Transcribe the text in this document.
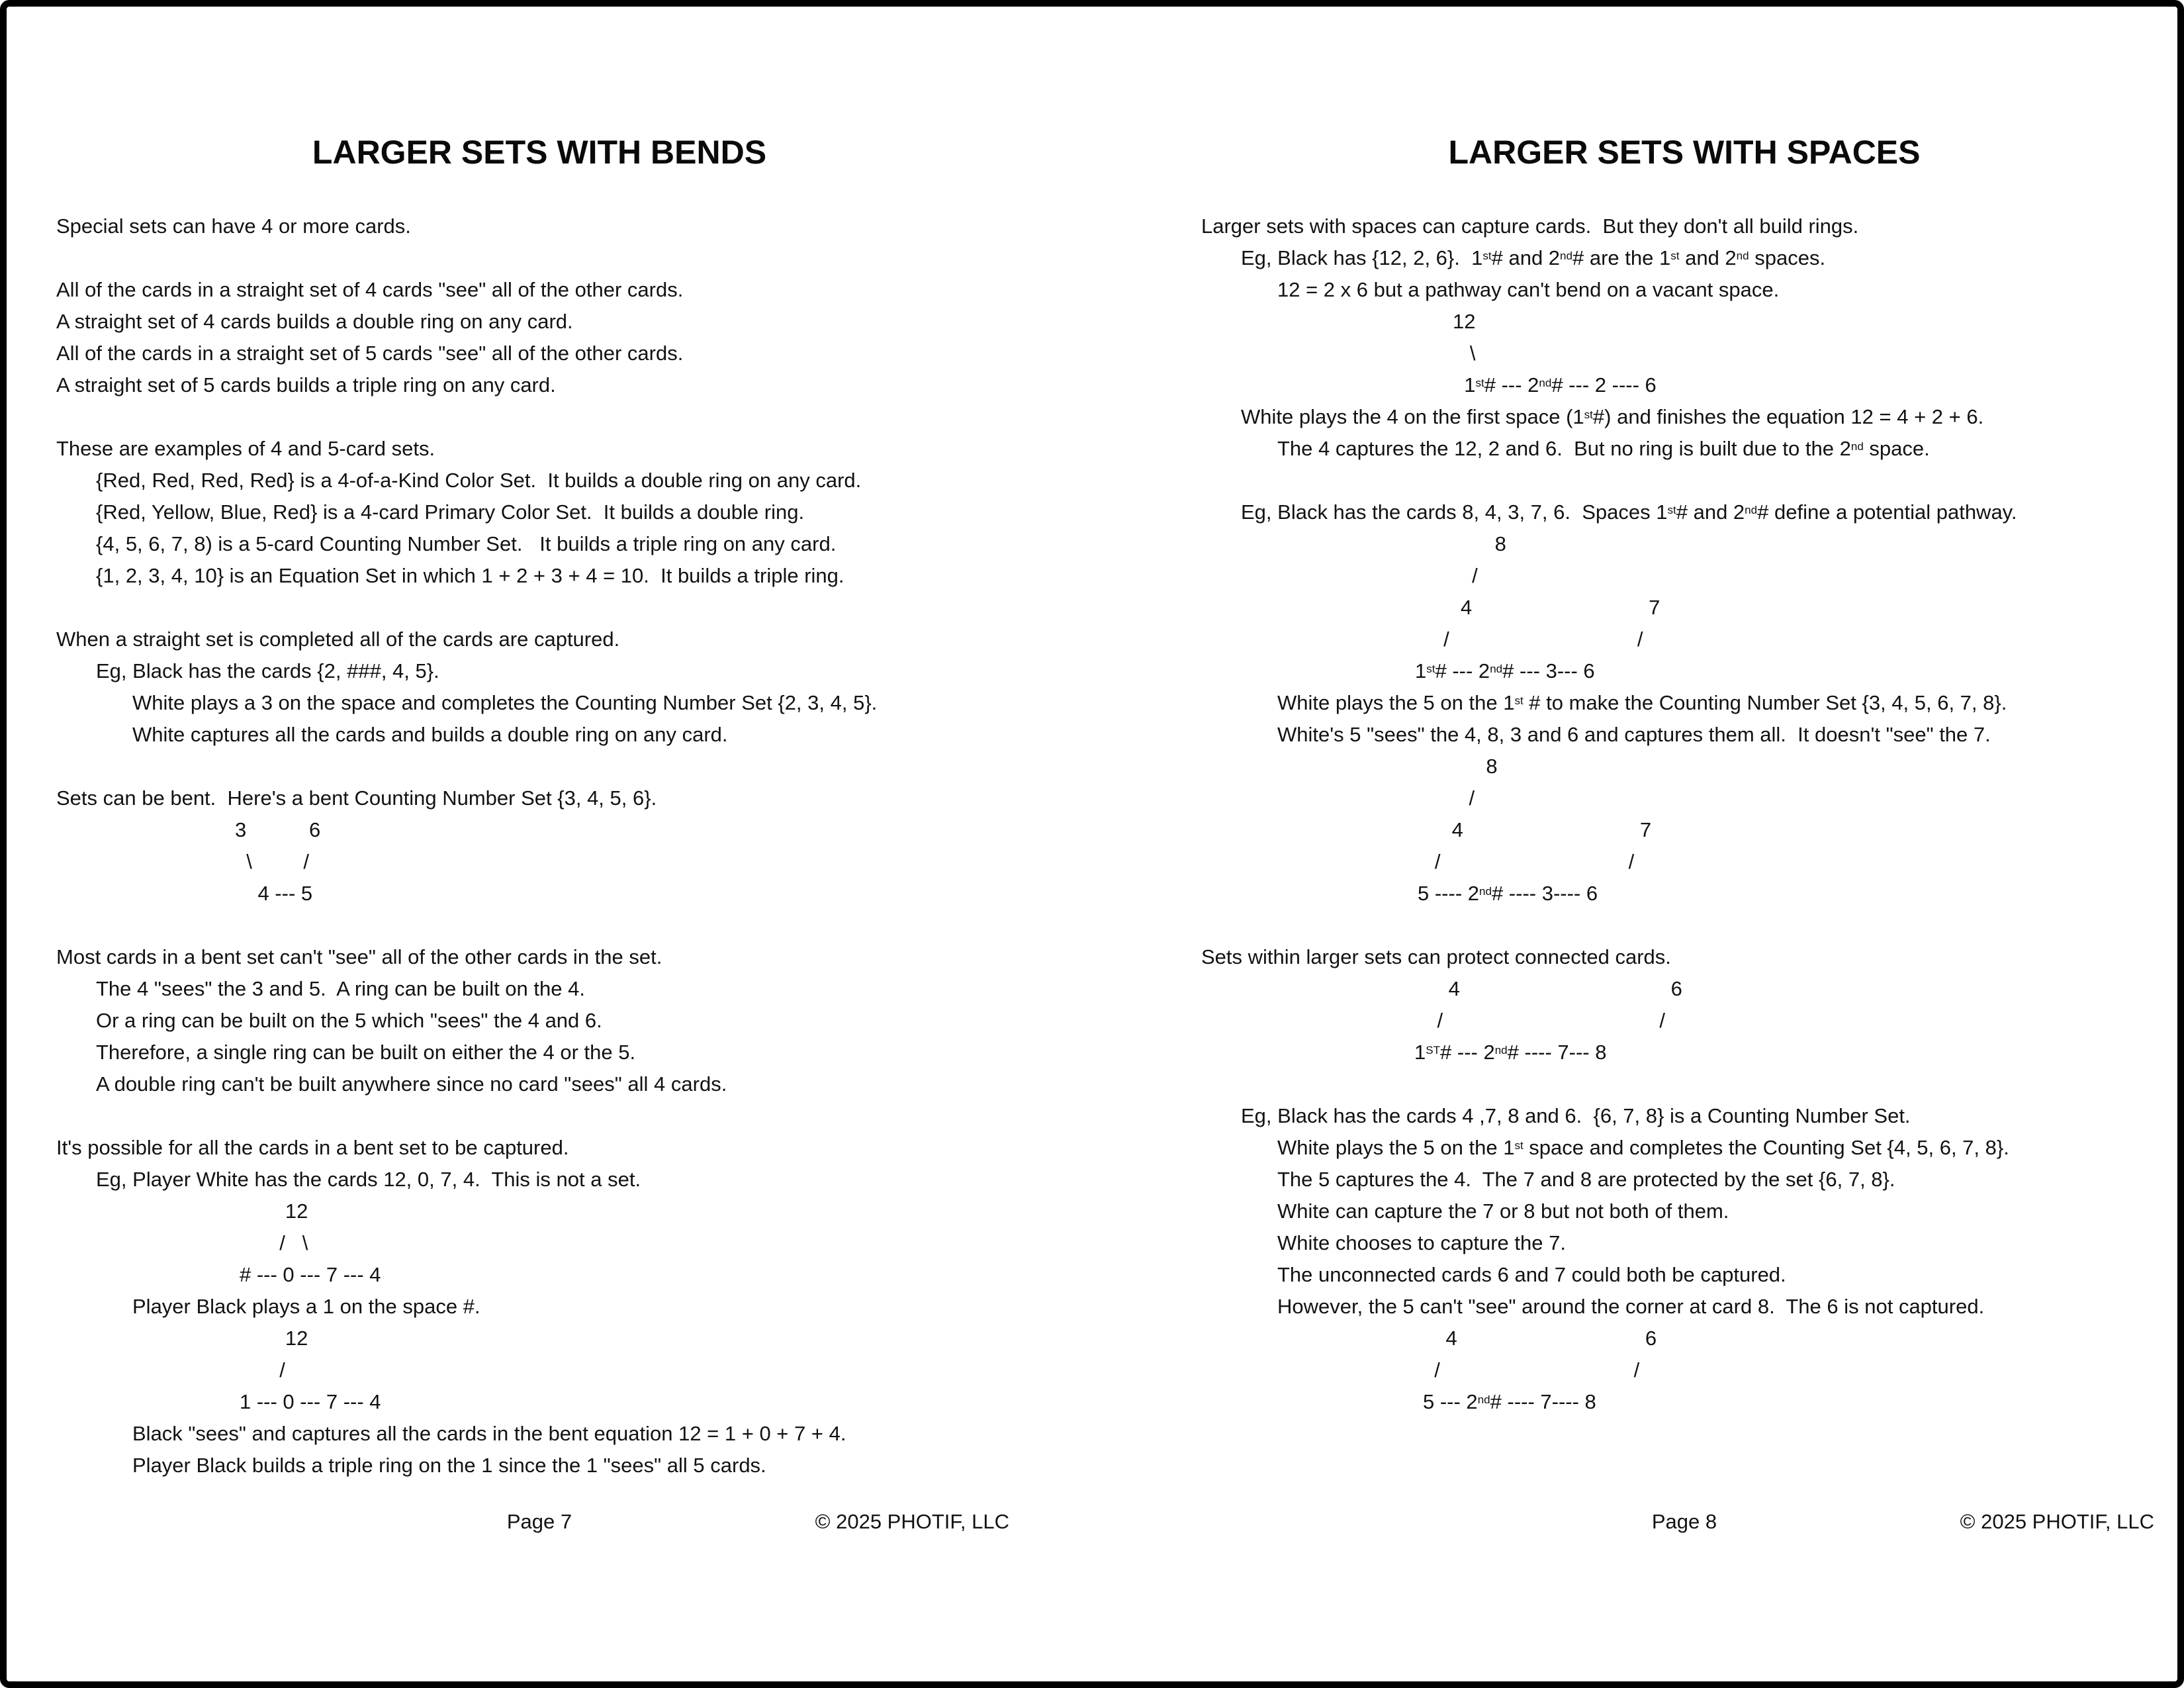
LARGER SETS WITH BENDS
Special sets can have 4 or more cards.
All of the cards in a straight set of 4 cards "see" all of the other cards.
A straight set of 4 cards builds a double ring on any card.
All of the cards in a straight set of 5 cards "see" all of the other cards.
A straight set of 5 cards builds a triple ring on any card.
These are examples of 4 and 5-card sets.
{Red, Red, Red, Red} is a 4-of-a-Kind Color Set.  It builds a double ring on any card.
{Red, Yellow, Blue, Red} is a 4-card Primary Color Set.  It builds a double ring.
{4, 5, 6, 7, 8) is a 5-card Counting Number Set.   It builds a triple ring on any card.
{1, 2, 3, 4, 10} is an Equation Set in which 1 + 2 + 3 + 4 = 10.  It builds a triple ring.
When a straight set is completed all of the cards are captured.
Eg, Black has the cards {2, ###, 4, 5}.
White plays a 3 on the space and completes the Counting Number Set {2, 3, 4, 5}.
White captures all the cards and builds a double ring on any card.
Sets can be bent.  Here's a bent Counting Number Set {3, 4, 5, 6}.
3           6
\         /
4 --- 5
Most cards in a bent set can't "see" all of the other cards in the set.
The 4 "sees" the 3 and 5.  A ring can be built on the 4.
Or a ring can be built on the 5 which "sees" the 4 and 6.
Therefore, a single ring can be built on either the 4 or the 5.
A double ring can't be built anywhere since no card "sees" all 4 cards.
It's possible for all the cards in a bent set to be captured.
Eg, Player White has the cards 12, 0, 7, 4.  This is not a set.
12
/   \
# --- 0 --- 7 --- 4
Player Black plays a 1 on the space #.
12
/
1 --- 0 --- 7 --- 4
Black "sees" and captures all the cards in the bent equation 12 = 1 + 0 + 7 + 4.
Player Black builds a triple ring on the 1 since the 1 "sees" all 5 cards.
Page 7	© 2025 PHOTIF, LLC
LARGER SETS WITH SPACES
Larger sets with spaces can capture cards.  But they don't all build rings.
Eg, Black has {12, 2, 6}.  1st# and 2nd# are the 1st and 2nd spaces.
12 = 2 x 6 but a pathway can't bend on a vacant space.
12
\
1st# --- 2nd# --- 2 ---- 6
White plays the 4 on the first space (1st#) and finishes the equation 12 = 4 + 2 + 6.
The 4 captures the 12, 2 and 6.  But no ring is built due to the 2nd space.
Eg, Black has the cards 8, 4, 3, 7, 6.  Spaces 1st# and 2nd# define a potential pathway.
8
/
4                               7
/                                 /
1st# --- 2nd# --- 3--- 6
White plays the 5 on the 1st # to make the Counting Number Set {3, 4, 5, 6, 7, 8}.
White's 5 "sees" the 4, 8, 3 and 6 and captures them all.  It doesn't "see" the 7.
8
/
4                               7
/                                 /
5 ---- 2nd# ---- 3---- 6
Sets within larger sets can protect connected cards.
4                                     6
/                                      /
1ST# --- 2nd# ---- 7--- 8
Eg, Black has the cards 4 ,7, 8 and 6.  {6, 7, 8} is a Counting Number Set.
White plays the 5 on the 1st space and completes the Counting Set {4, 5, 6, 7, 8}.
The 5 captures the 4.  The 7 and 8 are protected by the set {6, 7, 8}.
White can capture the 7 or 8 but not both of them.
White chooses to capture the 7.
The unconnected cards 6 and 7 could both be captured.
However, the 5 can't "see" around the corner at card 8.  The 6 is not captured.
4                                 6
/                                  /
5 --- 2nd# ---- 7---- 8
Page 8	© 2025 PHOTIF, LLC
